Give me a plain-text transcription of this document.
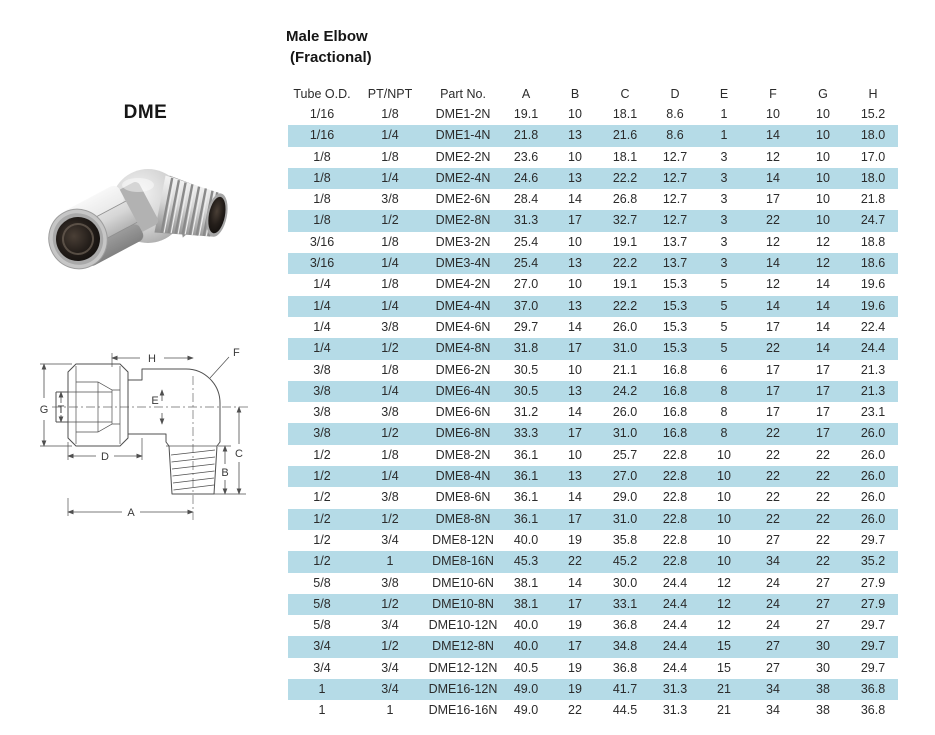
DME
H	F
G T
E
D
A
B
C
Male Elbow
(Fractional)
Tube O.D.	PT/NPT	Part No.	A	B	C	D	E	F	G	H
1/16	1/8	DME1-2N	19.1	10	18.1	8.6	1	10	10	15.2
1/16	1/4	DME1-4N	21.8	13	21.6	8.6	1	14	10	18.0
1/8	1/8	DME2-2N	23.6	10	18.1	12.7	3	12	10	17.0
1/8	1/4	DME2-4N	24.6	13	22.2	12.7	3	14	10	18.0
1/8	3/8	DME2-6N	28.4	14	26.8	12.7	3	17	10	21.8
1/8	1/2	DME2-8N	31.3	17	32.7	12.7	3	22	10	24.7
3/16	1/8	DME3-2N	25.4	10	19.1	13.7	3	12	12	18.8
3/16	1/4	DME3-4N	25.4	13	22.2	13.7	3	14	12	18.6
1/4	1/8	DME4-2N	27.0	10	19.1	15.3	5	12	14	19.6
1/4	1/4	DME4-4N	37.0	13	22.2	15.3	5	14	14	19.6
1/4	3/8	DME4-6N	29.7	14	26.0	15.3	5	17	14	22.4
1/4	1/2	DME4-8N	31.8	17	31.0	15.3	5	22	14	24.4
3/8	1/8	DME6-2N	30.5	10	21.1	16.8	6	17	17	21.3
3/8	1/4	DME6-4N	30.5	13	24.2	16.8	8	17	17	21.3
3/8	3/8	DME6-6N	31.2	14	26.0	16.8	8	17	17	23.1
3/8	1/2	DME6-8N	33.3	17	31.0	16.8	8	22	17	26.0
1/2	1/8	DME8-2N	36.1	10	25.7	22.8	10	22	22	26.0
1/2	1/4	DME8-4N	36.1	13	27.0	22.8	10	22	22	26.0
1/2	3/8	DME8-6N	36.1	14	29.0	22.8	10	22	22	26.0
1/2	1/2	DME8-8N	36.1	17	31.0	22.8	10	22	22	26.0
1/2	3/4	DME8-12N	40.0	19	35.8	22.8	10	27	22	29.7
1/2	1	DME8-16N	45.3	22	45.2	22.8	10	34	22	35.2
5/8	3/8	DME10-6N	38.1	14	30.0	24.4	12	24	27	27.9
5/8	1/2	DME10-8N	38.1	17	33.1	24.4	12	24	27	27.9
5/8	3/4	DME10-12N	40.0	19	36.8	24.4	12	24	27	29.7
3/4	1/2	DME12-8N	40.0	17	34.8	24.4	15	27	30	29.7
3/4	3/4	DME12-12N	40.5	19	36.8	24.4	15	27	30	29.7
1	3/4	DME16-12N	49.0	19	41.7	31.3	21	34	38	36.8
1	1	DME16-16N	49.0	22	44.5	31.3	21	34	38	36.8
